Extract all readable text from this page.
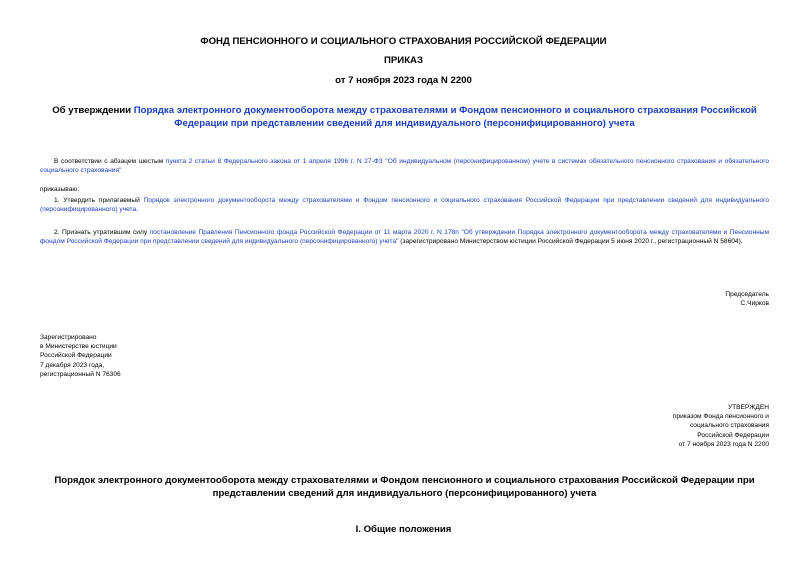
ФОНД ПЕНСИОННОГО И СОЦИАЛЬНОГО СТРАХОВАНИЯ РОССИЙСКОЙ ФЕДЕРАЦИИ
ПРИКАЗ
от 7 ноября 2023 года N 2200
Об утверждении Порядка электронного документооборота между страхователями и Фондом пенсионного и социального страхования Российской Федерации при представлении сведений для индивидуального (персонифицированного) учета
В соответствии с абзацем шестым пункта 2 статьи 8 Федерального закона от 1 апреля 1996 г. N 27-ФЗ "Об индивидуальном (персонифицированном) учете в системах обязательного пенсионного страхования и обязательного социального страхования"
приказываю:
1. Утвердить прилагаемый Порядок электронного документооборота между страхователями и Фондом пенсионного и социального страхования Российской Федерации при представлении сведений для индивидуального (персонифицированного) учета.
2. Признать утратившим силу постановление Правления Пенсионного фонда Российской Федерации от 11 марта 2020 г. N 178п "Об утверждении Порядка электронного документооборота между страхователями и Пенсионным фондом Российской Федерации при представлении сведений для индивидуального (персонифицированного) учета" (зарегистрировано Министерством юстиции Российской Федерации 5 июня 2020 г., регистрационный N 58604).
Председатель
С.Чирков
Зарегистрировано
в Министерстве юстиции
Российской Федерации
7 декабря 2023 года,
регистрационный N 76306
УТВЕРЖДЕН
приказом Фонда пенсионного и
социального страхования
Российской Федерации
от 7 ноября 2023 года N 2200
Порядок электронного документооборота между страхователями и Фондом пенсионного и социального страхования Российской Федерации при представлении сведений для индивидуального (персонифицированного) учета
I. Общие положения
